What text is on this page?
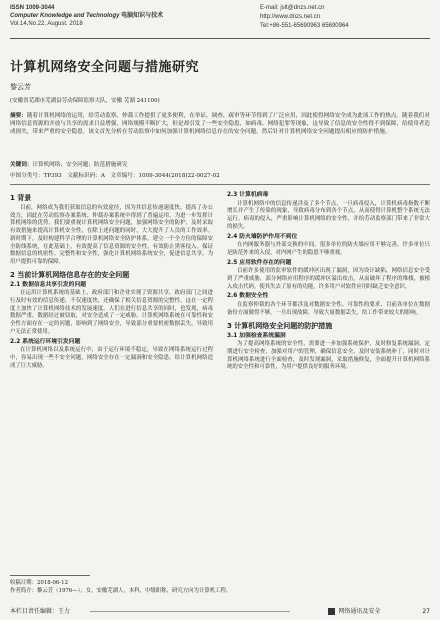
ISSN 1009-3044
Computer Knowledge and Technology 电脑知识与技术
Vol.14,No.22, August. 2018
E-mail: jslt@dnzs.net.cn
http://www.dnzs.net.cn
Tel:+86-551-65690963 65690964
计算机网络安全问题与措施研究
黎云芳
(安徽省芜湖市芜湖县劳动保障监察大队，安徽 芜湖 241100)
摘要：随着计算机网络的运用，给劳动监察、仲裁工作提供了更多便利，在举证、调查、疏审等环节得到了广泛应用，因此使得网络安全成为此项工作的热点。随着我们对网络信息资源的开放与共享的需求日益增强，网络规模不断扩大，但是却引发了一些安全隐患，如病毒、网络犯罪等现象，这导致了信息的安全性得不到保障，给使用者造成损失，带来严重的安全隐患。该文首先分析在劳动监察中如何加强计算机网络信息存在的安全问题，然后针对计算机网络安全问题提出相应的防护措施。
关键词：计算机网络；安全问题；防范措施研究
中图分类号：TP393　文献标识码：A　文章编号：1009-3044(2018)22-0027-02
1 背景

目前，网络成为我们获取信息的有效途径，因为其信息传递速度快，提高了办公效力，因此在劳动监察办案系统、仲裁办案系统中得到了普遍运用，为进一步发挥计算机网络的优势，我们要重视计算机网络安全问题，加强网络安全的防护，及时采取有效措施来提高计算机安全性，在除上述问题的同时，大大提升了人员的工作效率。新时期下，及时构建科学合理的计算机网络安全防护体系，建立一个全方位的保障安全防线系统，在此基础上，有效提高了信息资源的安全性，有效防止黑客侵入。保证数据信息的机密性、完整性和安全性，强化计算机网络系统安全，促进信息共享，为用户提供可靠的保障。

2 当前计算机网络信息存在的安全问题
2.1 数据信息共享引发的问题

在运用计算机系统的基础上，政府部门和企业实现了资源共享，政府部门之间进行及时有效的信息传递，不仅速度快，还确保了相关信息资源的完整性，这在一定程度上加快了计算机网络技术的发展速度。人们在进行信息共享的同时，也发现，病毒数据严重，数据经过被窃取，对安全造成了一定威胁。计算机网络系统在可靠性和安全性方面存在一定的问题，影响到了网络安全，导致部分重要机密数据丢失，导致用户无法正常使用。

2.2 系统运行环境引发问题

在计算机网络以及系统运行中，由于运行环境不稳定，导致在网络系统运行过程中，容易出现一些不安全问题，网络安全存在一定漏洞和安全隐患，给计算机网络造成了巨大威胁。

2.3 计算机病毒

计算机网络中的信息传递涉及了多个节点，一旦病毒侵入，计算机病毒指数不断增长并产生了传染的现象，导致病毒分布到各个节点，从而使得计算机整个系统无法运行。病毒的侵入，严重影响计算机网络的安全性，并给劳动监察部门带来了非常大的损失。

2.4 防火墙防护作用不到位

在内网服务器与外部交换的中间，很多单位的防火墙应用不够完善，许多单位只是防范外来的入侵，对内网产生的隐患不够重视。

2.5 应用软件存在的问题

目前许多使用的监审软件的缓冲区出现了漏洞，因为设计缺陷，网络信息安全受到了严重威胁，部分网络应用程序的缓冲区溢出攻击，从而破坏了程序的堆栈，被植入攻击代码，使其失去了原有的功能，许多用户对软件应用时缺乏安全意识。

2.6 数据安全性

在监察仲裁的各个环节都涉及对数据安全性、可靠性的要求，目前各单位在数据备份方面做得不够，一旦出现故障，导致大量数据丢失，给工作带来较大的影响。

3 计算机网络安全问题的防护措施
3.1 加强检查系统漏洞

为了提高网络系统的安全性，需要进一步加强系统保护，及时修复系统漏洞，定期进行安全检查，加强对用户的管理，确保信息安全，及时安装系统补丁，同时对计算机网络系统进行全面检查，及时发现漏洞，采取措施修复，全面提升计算机网络系统的安全性和可靠性，为用户提供良好的服务环境。

收稿日期：2018-06-12
作者简介：黎云芳（1976—），女，安徽芜湖人，本科，中级职称，研究方向为计算机工程。
本栏目责任编辑：王力	网络通讯及安全	27
